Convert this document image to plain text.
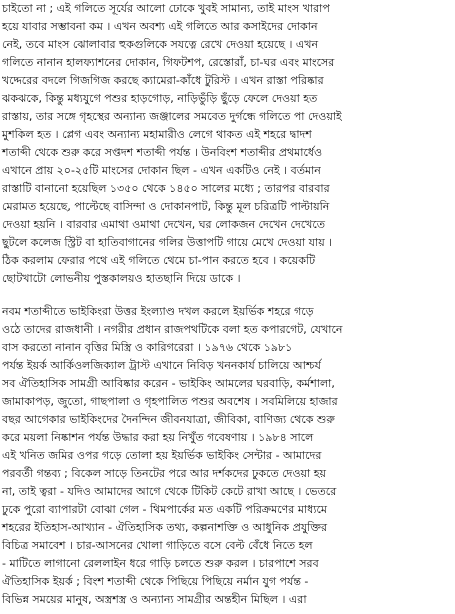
চাইতো না ; এই গলিতে সূর্যের আলো ঢোকে খুবই সামান্য, তাই মাংস খারাপ
হয়ে যাবার সম্ভাবনা কম । এখন অবশ্য এই গলিতে আর কসাইদের দোকান
নেই, তবে মাংস ঝোলাবার হুকগুলিকে সযত্নে রেখে দেওয়া হয়েছে । এখন
গলিতে নানান হালফ্যাশনের দোকান, গিফটশপ, রেস্তোরাঁ, চা-ঘর এবং মাংসের
খদ্দেরের বদলে গিজগিজ করছে ক্যামেরা-কাঁধে টুরিস্ট । এখন রাস্তা পরিষ্কার
ঝকঝকে, কিন্তু মধ্যযুগে পশুর হাড়গোড়, নাড়িভুঁড়ি ছুঁড়ে ফেলে দেওয়া হত
রাস্তায়, তার সঙ্গে গৃহস্থের অন্যান্য জঞ্জালের সমবেত দুর্গন্ধে গলিতে পা দেওয়াই
মুশকিল হত । প্লেগ এবং অন্যান্য মহামারীও লেগে থাকত এই শহরে দ্বাদশ
শতাব্দী থেকে শুরু করে সপ্তদশ শতাব্দী পর্যন্ত । উনবিংশ শতাব্দীর প্রথমার্ধেও
এখানে প্রায় ২০-২৫টি মাংসের দোকান ছিল - এখন একটিও নেই । বর্তমান
রাস্তাটি বানানো হয়েছিল ১৩৫০ থেকে ১৪৫০ সালের মধ্যে ; তারপর বারবার
মেরামত হয়েছে, পাল্টেছে বাসিন্দা ও দোকানপাট, কিন্তু মূল চরিত্রটি পাল্টায়নি
দেওয়া হয়নি । বারবার এমাথা ওমাথা দেখেন, ঘর লোকজন দেখেন দেখেতে
ছুটলে কলেজ স্ট্রিট বা হাতিবাগানের গলির উত্তাপটি গায়ে মেখে দেওয়া যায় ।
ঠিক করলাম ফেরার পথে এই গলিতে থেমে চা-পান করতে হবে । কয়েকটি
ছোটখাটো লোভনীয় পুস্তকালয়ও হাতছানি দিয়ে ডাকে ।
নবম শতাব্দীতে ভাইকিংরা উত্তর ইংল্যাণ্ড দখল করলে ইয়র্ভিক শহরে গড়ে
ওঠে তাদের রাজধানী । নগরীর প্রধান রাজপথটিকে বলা হত কপারগেট, যেখানে
বাস করতো নানান বৃত্তির মিস্ত্রি ও কারিগরেরা । ১৯৭৬ থেকে ১৯৮১
পর্যন্ত ইয়র্ক আর্কিওলজিক্যাল ট্রাস্ট এখানে নিবিড় খননকার্য চালিয়ে আশ্চর্য
সব ঐতিহাসিক সামগ্রী আবিষ্কার করেন - ভাইকিং আমলের ঘরবাড়ি, কর্মশালা,
জামাকাপড়, জুতো, গাছপালা ও গৃহপালিত পশুর অবশেষ । সবমিলিয়ে হাজার
বছর আগেকার ভাইকিংদের দৈনন্দিন জীবনযাত্রা, জীবিকা, বাণিজ্য থেকে শুরু
করে ময়লা নিষ্কাশন পর্যন্ত উদ্ধার করা হয় নিখুঁত গবেষণায় । ১৯৮৪ সালে
এই খনিত জমির ওপর গড়ে তোলা হয় ইয়র্ভিক ভাইকিং সেন্টার - আমাদের
পরবর্তী গন্তব্য ; বিকেল সাড়ে তিনটের পরে আর দর্শকদের ঢুকতে দেওয়া হয়
না, তাই ত্বরা - যদিও আমাদের আগে থেকে টিকিট কেটে রাখা আছে । ভেতরে
ঢুকে পুরো ব্যাপারটা বোঝা গেল - থিমপার্কের মত একটি পরিক্রমণের মাধ্যমে
শহরের ইতিহাস-আখ্যান - ঐতিহাসিক তথ্য, কল্পনাশক্তি ও আধুনিক প্রযুক্তির
বিচিত্র সমাবেশ । চার-আসনের খোলা গাড়িতে বসে বেল্ট বেঁধে নিতে হল
- মাটিতে লাগানো রেললাইন ধরে গাড়ি চলতে শুরু করল । চারপাশে সরব
ঐতিহাসিক ইয়র্ক ; বিংশ শতাব্দী থেকে পিছিয়ে পিছিয়ে নর্মান যুগ পর্যন্ত -
বিভিন্ন সময়ের মানুষ, অস্ত্রশস্ত্র ও অন্যান্য সামগ্রীর অন্তহীন মিছিল । এরা
